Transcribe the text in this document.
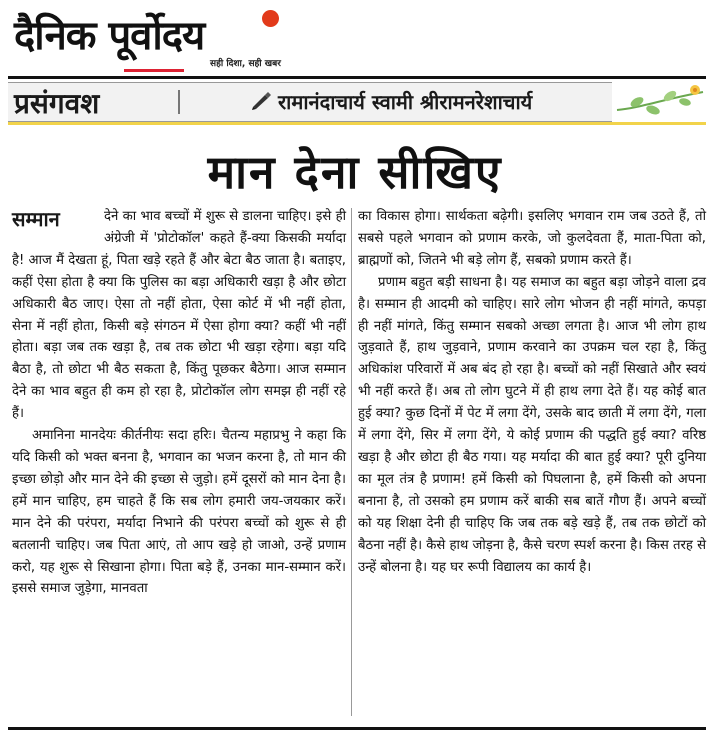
दैनिक पूर्वोदय
सही दिशा, सही खबर
प्रसंगवश	रामानंदाचार्य स्वामी श्रीरामनरेशाचार्य
मान देना सीखिए
सम्मान	देने का भाव बच्चों में शुरू से डालना चाहिए। इसे ही अंग्रेजी में 'प्रोटोकॉल' कहते हैं-क्या किसकी मर्यादा है! आज मैं देखता हूं, पिता खड़े रहते हैं और बेटा बैठ जाता है। बताइए, कहीं ऐसा होता है क्या कि पुलिस का बड़ा अधिकारी खड़ा है और छोटा अधिकारी बैठ जाए। ऐसा तो नहीं होता, ऐसा कोर्ट में भी नहीं होता, सेना में नहीं होता, किसी बड़े संगठन में ऐसा होगा क्या? कहीं भी नहीं होता। बड़ा जब तक खड़ा है, तब तक छोटा भी खड़ा रहेगा। बड़ा यदि बैठा है, तो छोटा भी बैठ सकता है, किंतु पूछकर बैठेगा। आज सम्मान देने का भाव बहुत ही कम हो रहा है, प्रोटोकॉल लोग समझ ही नहीं रहे हैं।

अमानिना मानदेयः कीर्तनीयः सदा हरिः। चैतन्य महाप्रभु ने कहा कि यदि किसी को भक्त बनना है, भगवान का भजन करना है, तो मान की इच्छा छोड़ो और मान देने की इच्छा से जुड़ो। हमें दूसरों को मान देना है। हमें मान चाहिए, हम चाहते हैं कि सब लोग हमारी जय-जयकार करें। मान देने की परंपरा, मर्यादा निभाने की परंपरा बच्चों को शुरू से ही बतलानी चाहिए। जब पिता आएं, तो आप खड़े हो जाओ, उन्हें प्रणाम करो, यह शुरू से सिखाना होगा। पिता बड़े हैं, उनका मान-सम्मान करें। इससे समाज जुड़ेगा, मानवता

का विकास होगा। सार्थकता बढ़ेगी। इसलिए भगवान राम जब उठते हैं, तो सबसे पहले भगवान को प्रणाम करके, जो कुलदेवता हैं, माता-पिता को, ब्राह्मणों को, जितने भी बड़े लोग हैं, सबको प्रणाम करते हैं।

प्रणाम बहुत बड़ी साधना है। यह समाज का बहुत बड़ा जोड़ने वाला द्रव है। सम्मान ही आदमी को चाहिए। सारे लोग भोजन ही नहीं मांगते, कपड़ा ही नहीं मांगते, किंतु सम्मान सबको अच्छा लगता है। आज भी लोग हाथ जुड़वाते हैं, हाथ जुड़वाने, प्रणाम करवाने का उपक्रम चल रहा है, किंतु अधिकांश परिवारों में अब बंद हो रहा है। बच्चों को नहीं सिखाते और स्वयं भी नहीं करते हैं। अब तो लोग घुटने में ही हाथ लगा देते हैं। यह कोई बात हुई क्या? कुछ दिनों में पेट में लगा देंगे, उसके बाद छाती में लगा देंगे, गला में लगा देंगे, सिर में लगा देंगे, ये कोई प्रणाम की पद्धति हुई क्या? वरिष्ठ खड़ा है और छोटा ही बैठ गया। यह मर्यादा की बात हुई क्या? पूरी दुनिया का मूल तंत्र है प्रणाम! हमें किसी को पिघलाना है, हमें किसी को अपना बनाना है, तो उसको हम प्रणाम करें बाकी सब बातें गौण हैं। अपने बच्चों को यह शिक्षा देनी ही चाहिए कि जब तक बड़े खड़े हैं, तब तक छोटों को बैठना नहीं है। कैसे हाथ जोड़ना है, कैसे चरण स्पर्श करना है। किस तरह से उन्हें बोलना है। यह घर रूपी विद्यालय का कार्य है।
